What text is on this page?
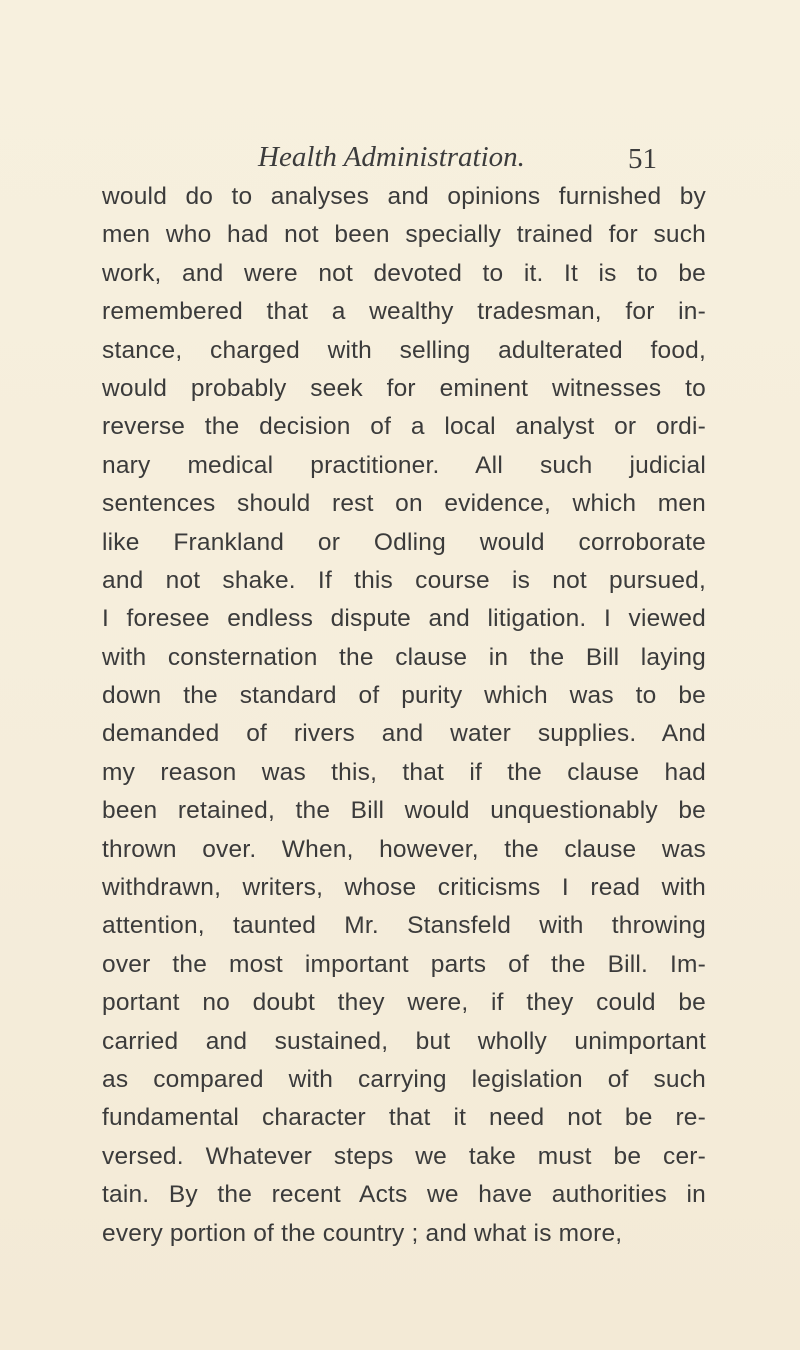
Health Administration.	51
would do to analyses and opinions furnished by
men who had not been specially trained for such
work, and were not devoted to it. It is to be
remembered that a wealthy tradesman, for in-
stance, charged with selling adulterated food,
would probably seek for eminent witnesses to
reverse the decision of a local analyst or ordi-
nary medical practitioner. All such judicial
sentences should rest on evidence, which men
like Frankland or Odling would corroborate
and not shake. If this course is not pursued,
I foresee endless dispute and litigation. I viewed
with consternation the clause in the Bill laying
down the standard of purity which was to be
demanded of rivers and water supplies. And
my reason was this, that if the clause had
been retained, the Bill would unquestionably be
thrown over. When, however, the clause was
withdrawn, writers, whose criticisms I read with
attention, taunted Mr. Stansfeld with throwing
over the most important parts of the Bill. Im-
portant no doubt they were, if they could be
carried and sustained, but wholly unimportant
as compared with carrying legislation of such
fundamental character that it need not be re-
versed. Whatever steps we take must be cer-
tain. By the recent Acts we have authorities in
every portion of the country ; and what is more,
